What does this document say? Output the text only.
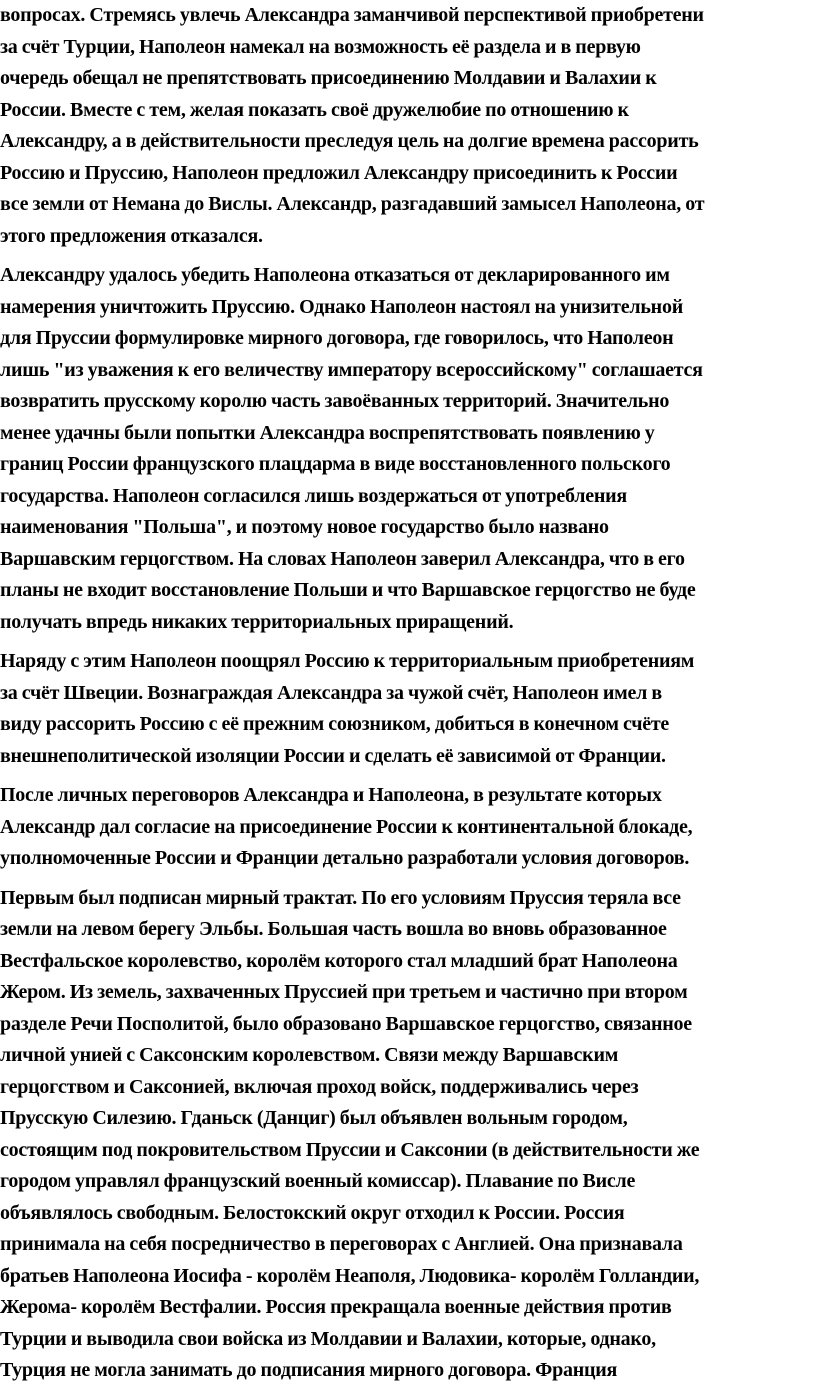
вопросах. Стремясь увлечь Александра заманчивой перспективой приобретени
за счёт Турции, Наполеон намекал на возможность её раздела и в первую
очередь обещал не препятствовать присоединению Молдавии и Валахии к
России. Вместе с тем, желая показать своё дружелюбие по отношению к
Александру, а в действительности преследуя цель на долгие времена рассорить
Россию и Пруссию, Наполеон предложил Александру присоединить к России
все земли от Немана до Вислы. Александр, разгадавший замысел Наполеона, от
этого предложения отказался.
Александру удалось убедить Наполеона отказаться от декларированного им
намерения уничтожить Пруссию. Однако Наполеон настоял на унизительной
для Пруссии формулировке мирного договора, где говорилось, что Наполеон
лишь "из уважения к его величеству императору всероссийскому" соглашается
возвратить прусскому королю часть завоёванных территорий. Значительно
менее удачны были попытки Александра воспрепятствовать появлению у
границ России французского плацдарма в виде восстановленного польского
государства. Наполеон согласился лишь воздержаться от употребления
наименования "Польша", и поэтому новое государство было названо
Варшавским герцогством. На словах Наполеон заверил Александра, что в его
планы не входит восстановление Польши и что Варшавское герцогство не буде
получать впредь никаких территориальных приращений.
Наряду с этим Наполеон поощрял Россию к территориальным приобретениям
за счёт Швеции. Вознаграждая Александра за чужой счёт, Наполеон имел в
виду рассорить Россию с её прежним союзником, добиться в конечном счёте
внешнеполитической изоляции России и сделать её зависимой от Франции.
После личных переговоров Александра и Наполеона, в результате которых
Александр дал согласие на присоединение России к континентальной блокаде,
уполномоченные России и Франции детально разработали условия договоров.
Первым был подписан мирный трактат. По его условиям Пруссия теряла все
земли на левом берегу Эльбы. Большая часть вошла во вновь образованное
Вестфальское королевство, королём которого стал младший брат Наполеона
Жером. Из земель, захваченных Пруссией при третьем и частично при втором
разделе Речи Посполитой, было образовано Варшавское герцогство, связанное
личной унией с Саксонским королевством. Связи между Варшавским
герцогством и Саксонией, включая проход войск, поддерживались через
Прусскую Силезию. Гданьск (Данциг) был объявлен вольным городом,
состоящим под покровительством Пруссии и Саксонии (в действительности же
городом управлял французский военный комиссар). Плавание по Висле
объявлялось свободным. Белостокский округ отходил к России. Россия
принимала на себя посредничество в переговорах с Англией. Она признавала
братьев Наполеона Иосифа - королём Неаполя, Людовика- королём Голландии,
Жерома- королём Вестфалии. Россия прекращала военные действия против
Турции и выводила свои войска из Молдавии и Валахии, которые, однако,
Турция не могла занимать до подписания мирного договора. Франция
